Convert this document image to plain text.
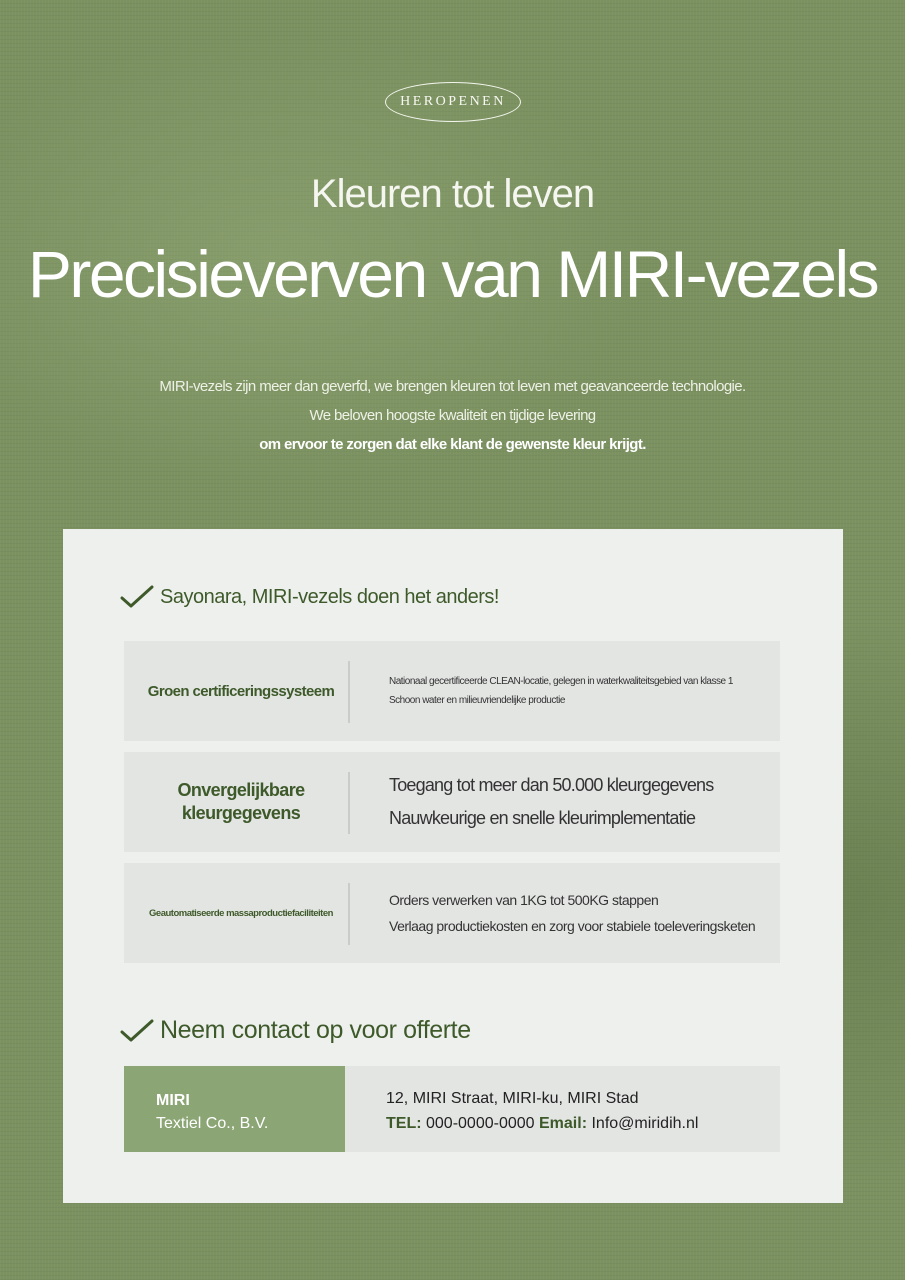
HEROPENEN
Kleuren tot leven
Precisieverven van MIRI-vezels

MIRI-vezels zijn meer dan geverfd, we brengen kleuren tot leven met geavanceerde technologie.

We beloven hoogste kwaliteit en tijdige levering

om ervoor te zorgen dat elke klant de gewenste kleur krijgt.

Sayonara, MIRI-vezels doen het anders!
Groen certificeringssysteem

Nationaal gecertificeerde CLEAN-locatie, gelegen in waterkwaliteitsgebied van klasse 1

Schoon water en milieuvriendelijke productie

Onvergelijkbare
kleurgegevens

Toegang tot meer dan 50.000 kleurgegevens

Nauwkeurige en snelle kleurimplementatie

Geautomatiseerde massaproductiefaciliteiten

Orders verwerken van 1KG tot 500KG stappen

Verlaag productiekosten en zorg voor stabiele toeleveringsketen

Neem contact op voor offerte
MIRI
Textiel Co., B.V.
12, MIRI Straat, MIRI-ku, MIRI Stad
TEL: 000-0000-0000 Email: Info@miridih.nl
